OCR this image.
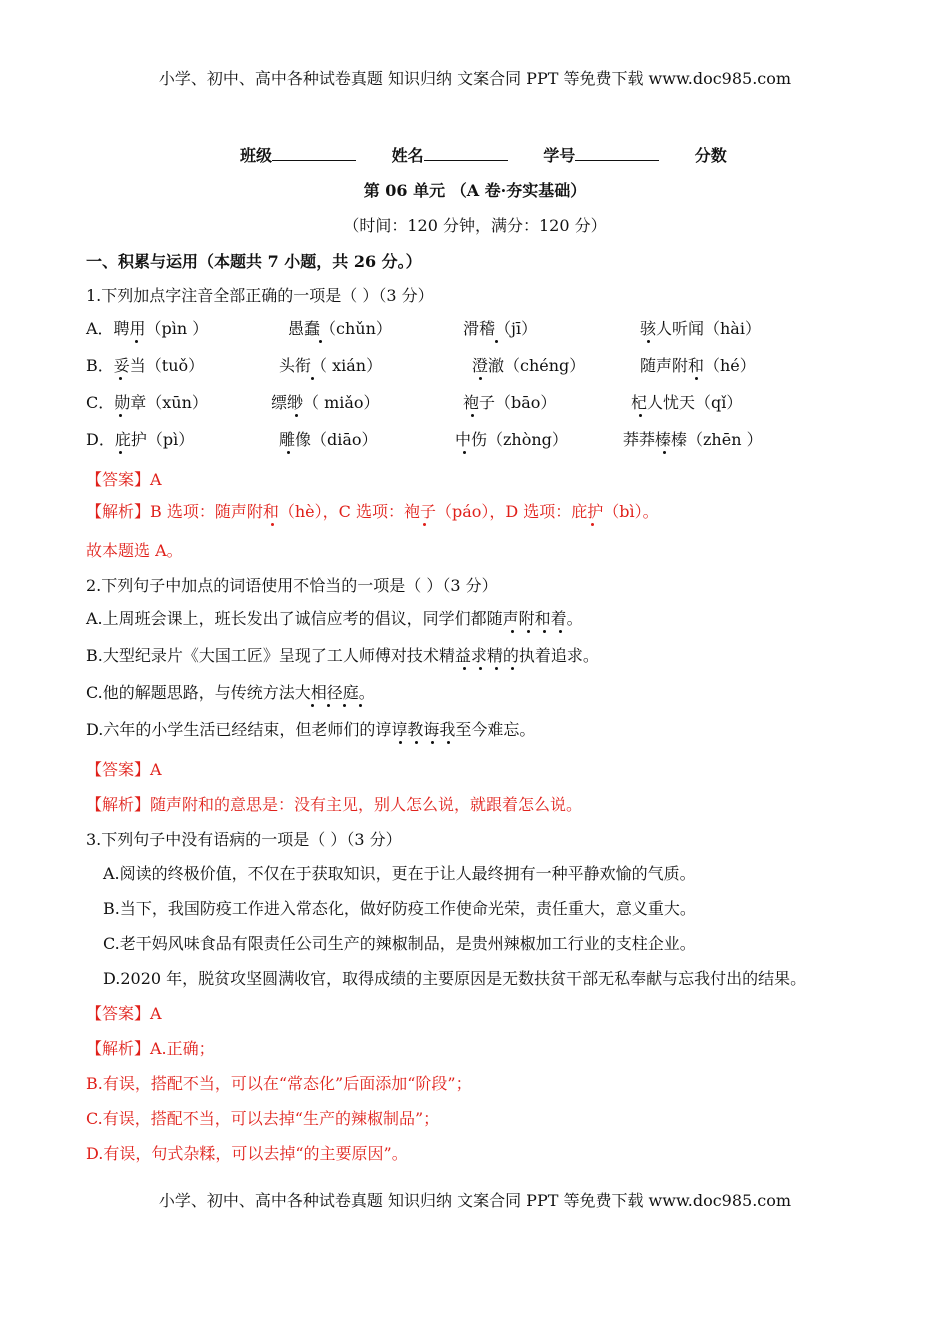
小学、初中、高中各种试卷真题 知识归纳 文案合同 PPT 等免费下载 www.doc985.com
班级	姓名	学号	分数
第 06 单元 （A 卷·夯实基础）
（时间：120 分钟，满分：120 分）
一、积累与运用（本题共 7 小题，共 26 分。）
1.下列加点字注音全部正确的一项是（ ）（3 分）
A．聘用（pìn ）	愚蠢（chǔn）	滑稽（jī）	骇人听闻（hài）
B．妥当（tuǒ）	头衔（ xián）	澄澈（chéng）	随声附和（hé）
C．勋章（xūn）	缥缈（ miǎo）	袍子（bāo）	杞人忧天（qǐ）
D．庇护（pì）	雕像（diāo）	中伤（zhòng）	莽莽榛榛（zhēn ）
【答案】A
【解析】B 选项：随声附和（hè），C 选项：袍子（páo），D 选项：庇护（bì）。
故本题选 A。
2.下列句子中加点的词语使用不恰当的一项是（ ）（3 分）
A.上周班会课上，班长发出了诚信应考的倡议，同学们都随声附和着。
B.大型纪录片《大国工匠》呈现了工人师傅对技术精益求精的执着追求。
C.他的解题思路，与传统方法大相径庭。
D.六年的小学生活已经结束，但老师们的谆谆教诲我至今难忘。
【答案】A
【解析】随声附和的意思是：没有主见，别人怎么说，就跟着怎么说。
3.下列句子中没有语病的一项是（ ）（3 分）
A.阅读的终极价值，不仅在于获取知识，更在于让人最终拥有一种平静欢愉的气质。
B.当下，我国防疫工作进入常态化，做好防疫工作使命光荣，责任重大，意义重大。
C.老干妈风味食品有限责任公司生产的辣椒制品，是贵州辣椒加工行业的支柱企业。
D.2020 年，脱贫攻坚圆满收官，取得成绩的主要原因是无数扶贫干部无私奉献与忘我付出的结果。
【答案】A
【解析】A.正确；
B.有误，搭配不当，可以在“常态化”后面添加“阶段”；
C.有误，搭配不当，可以去掉“生产的辣椒制品”；
D.有误，句式杂糅，可以去掉“的主要原因”。
小学、初中、高中各种试卷真题 知识归纳 文案合同 PPT 等免费下载 www.doc985.com
